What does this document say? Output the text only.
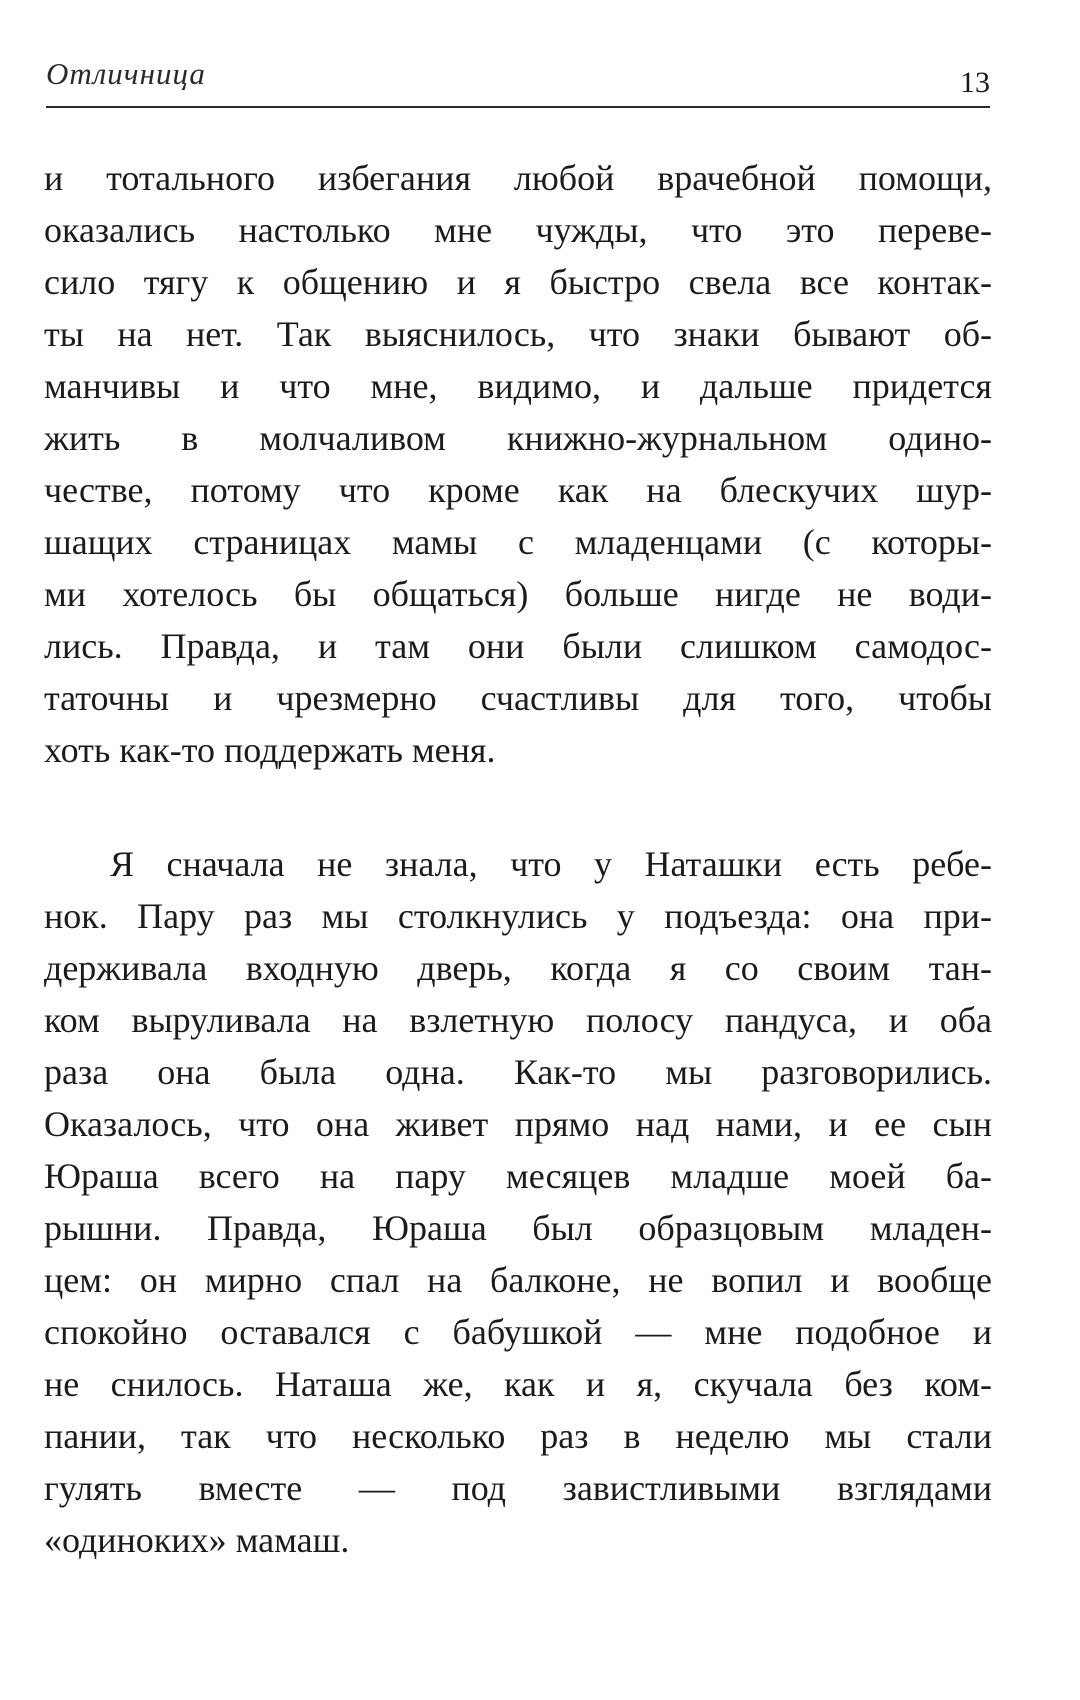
Отличница	13
и тотального избегания любой врачебной помощи,
оказались настолько мне чужды, что это переве-
сило тягу к общению и я быстро свела все контак-
ты на нет. Так выяснилось, что знаки бывают об-
манчивы и что мне, видимо, и дальше придется
жить в молчаливом книжно-журнальном одино-
честве, потому что кроме как на блескучих шур-
шащих страницах мамы с младенцами (с которы-
ми хотелось бы общаться) больше нигде не води-
лись. Правда, и там они были слишком самодос-
таточны и чрезмерно счастливы для того, чтобы
хоть как-то поддержать меня.
Я сначала не знала, что у Наташки есть ребе-
нок. Пару раз мы столкнулись у подъезда: она при-
держивала входную дверь, когда я со своим тан-
ком выруливала на взлетную полосу пандуса, и оба
раза она была одна. Как-то мы разговорились.
Оказалось, что она живет прямо над нами, и ее сын
Юраша всего на пару месяцев младше моей ба-
рышни. Правда, Юраша был образцовым младен-
цем: он мирно спал на балконе, не вопил и вообще
спокойно оставался с бабушкой — мне подобное и
не снилось. Наташа же, как и я, скучала без ком-
пании, так что несколько раз в неделю мы стали
гулять вместе — под завистливыми взглядами
«одиноких» мамаш.
